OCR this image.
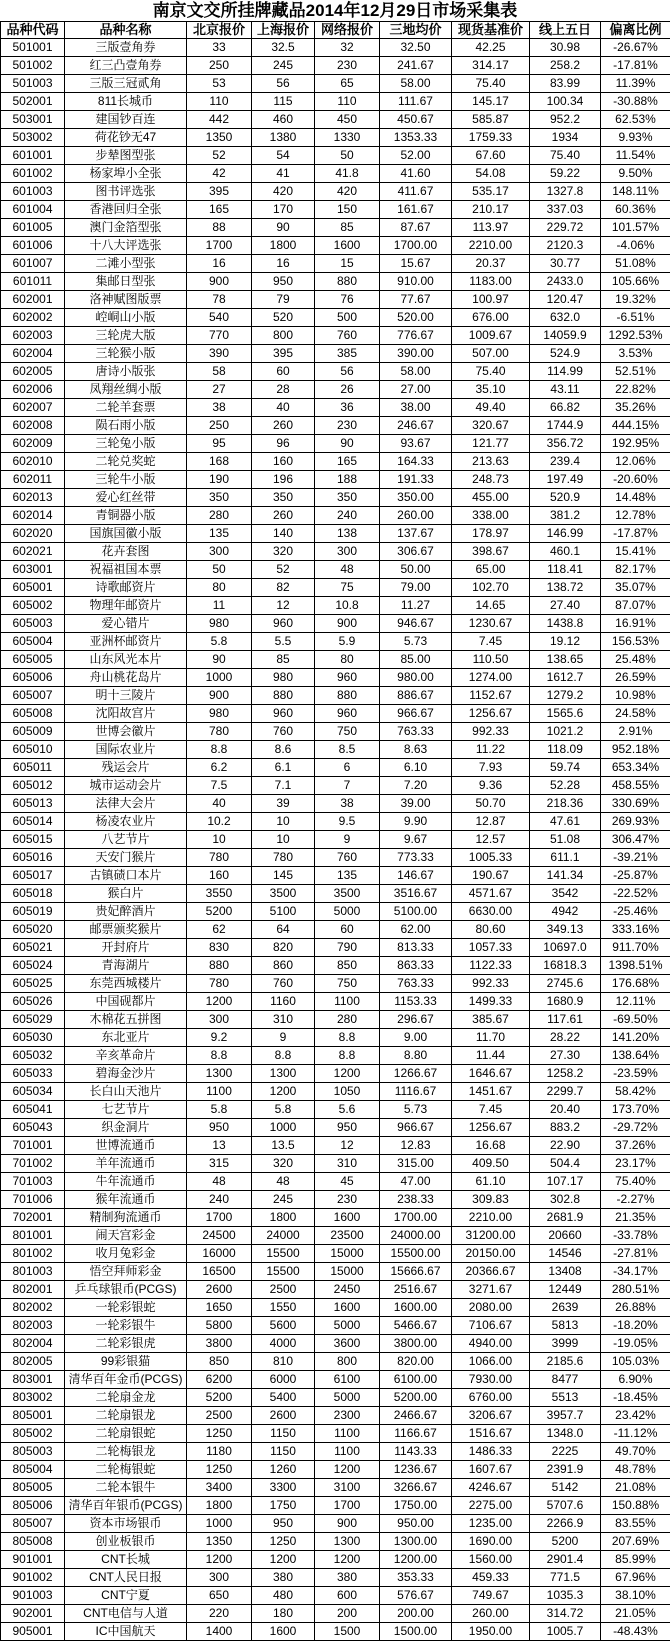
南京文交所挂牌藏品2014年12月29日市场采集表
品种代码	品种名称	北京报价	上海报价	网络报价	三地均价	现货基准价	线上五日	偏离比例
501001	三版壹角券	33	32.5	32	32.50	42.25	30.98	-26.67%
501002	红三凸壹角券	250	245	230	241.67	314.17	258.2	-17.81%
501003	三版三冠贰角	53	56	65	58.00	75.40	83.99	11.39%
502001	811长城币	110	115	110	111.67	145.17	100.34	-30.88%
503001	建国钞百连	442	460	450	450.67	585.87	952.2	62.53%
503002	荷花钞无47	1350	1380	1330	1353.33	1759.33	1934	9.93%
601001	步辇图型张	52	54	50	52.00	67.60	75.40	11.54%
601002	杨家埠小全张	42	41	41.8	41.60	54.08	59.22	9.50%
601003	图书评选张	395	420	420	411.67	535.17	1327.8	148.11%
601004	香港回归全张	165	170	150	161.67	210.17	337.03	60.36%
601005	澳门金箔型张	88	90	85	87.67	113.97	229.72	101.57%
601006	十八大评选张	1700	1800	1600	1700.00	2210.00	2120.3	-4.06%
601007	二滩小型张	16	16	15	15.67	20.37	30.77	51.08%
601011	集邮日型张	900	950	880	910.00	1183.00	2433.0	105.66%
602001	洛神赋图版票	78	79	76	77.67	100.97	120.47	19.32%
602002	崆峒山小版	540	520	500	520.00	676.00	632.0	-6.51%
602003	三轮虎大版	770	800	760	776.67	1009.67	14059.9	1292.53%
602004	三轮猴小版	390	395	385	390.00	507.00	524.9	3.53%
602005	唐诗小版张	58	60	56	58.00	75.40	114.99	52.51%
602006	凤翔丝绸小版	27	28	26	27.00	35.10	43.11	22.82%
602007	二轮羊套票	38	40	36	38.00	49.40	66.82	35.26%
602008	陨石雨小版	250	260	230	246.67	320.67	1744.9	444.15%
602009	三轮兔小版	95	96	90	93.67	121.77	356.72	192.95%
602010	二轮兑奖蛇	168	160	165	164.33	213.63	239.4	12.06%
602011	三轮牛小版	190	196	188	191.33	248.73	197.49	-20.60%
602013	爱心红丝带	350	350	350	350.00	455.00	520.9	14.48%
602014	青铜器小版	280	260	240	260.00	338.00	381.2	12.78%
602020	国旗国徽小版	135	140	138	137.67	178.97	146.99	-17.87%
602021	花卉套图	300	320	300	306.67	398.67	460.1	15.41%
603001	祝福祖国本票	50	52	48	50.00	65.00	118.41	82.17%
605001	诗歌邮资片	80	82	75	79.00	102.70	138.72	35.07%
605002	物理年邮资片	11	12	10.8	11.27	14.65	27.40	87.07%
605003	爱心错片	980	960	900	946.67	1230.67	1438.8	16.91%
605004	亚洲杯邮资片	5.8	5.5	5.9	5.73	7.45	19.12	156.53%
605005	山东风光本片	90	85	80	85.00	110.50	138.65	25.48%
605006	舟山桃花岛片	1000	980	960	980.00	1274.00	1612.7	26.59%
605007	明十三陵片	900	880	880	886.67	1152.67	1279.2	10.98%
605008	沈阳故宫片	980	960	960	966.67	1256.67	1565.6	24.58%
605009	世博会徽片	780	760	750	763.33	992.33	1021.2	2.91%
605010	国际农业片	8.8	8.6	8.5	8.63	11.22	118.09	952.18%
605011	残运会片	6.2	6.1	6	6.10	7.93	59.74	653.34%
605012	城市运动会片	7.5	7.1	7	7.20	9.36	52.28	458.55%
605013	法律大会片	40	39	38	39.00	50.70	218.36	330.69%
605014	杨凌农业片	10.2	10	9.5	9.90	12.87	47.61	269.93%
605015	八艺节片	10	10	9	9.67	12.57	51.08	306.47%
605016	天安门猴片	780	780	760	773.33	1005.33	611.1	-39.21%
605017	古镇碛口本片	160	145	135	146.67	190.67	141.34	-25.87%
605018	猴白片	3550	3500	3500	3516.67	4571.67	3542	-22.52%
605019	贵妃醉酒片	5200	5100	5000	5100.00	6630.00	4942	-25.46%
605020	邮票颁奖猴片	62	64	60	62.00	80.60	349.13	333.16%
605021	开封府片	830	820	790	813.33	1057.33	10697.0	911.70%
605024	青海湖片	880	860	850	863.33	1122.33	16818.3	1398.51%
605025	东莞西城楼片	780	760	750	763.33	992.33	2745.6	176.68%
605026	中国砚都片	1200	1160	1100	1153.33	1499.33	1680.9	12.11%
605029	木棉花五拼图	300	310	280	296.67	385.67	117.61	-69.50%
605030	东北亚片	9.2	9	8.8	9.00	11.70	28.22	141.20%
605032	辛亥革命片	8.8	8.8	8.8	8.80	11.44	27.30	138.64%
605033	碧海金沙片	1300	1300	1200	1266.67	1646.67	1258.2	-23.59%
605034	长白山天池片	1100	1200	1050	1116.67	1451.67	2299.7	58.42%
605041	七艺节片	5.8	5.8	5.6	5.73	7.45	20.40	173.70%
605043	织金洞片	950	1000	950	966.67	1256.67	883.2	-29.72%
701001	世博流通币	13	13.5	12	12.83	16.68	22.90	37.26%
701002	羊年流通币	315	320	310	315.00	409.50	504.4	23.17%
701003	牛年流通币	48	48	45	47.00	61.10	107.17	75.40%
701006	猴年流通币	240	245	230	238.33	309.83	302.8	-2.27%
702001	精制狗流通币	1700	1800	1600	1700.00	2210.00	2681.9	21.35%
801001	闹天宫彩金	24500	24000	23500	24000.00	31200.00	20660	-33.78%
801002	收月兔彩金	16000	15500	15000	15500.00	20150.00	14546	-27.81%
801003	悟空拜师彩金	16500	15500	15000	15666.67	20366.67	13408	-34.17%
802001	乒乓球银币(PCGS)	2600	2500	2450	2516.67	3271.67	12449	280.51%
802002	一轮彩银蛇	1650	1550	1600	1600.00	2080.00	2639	26.88%
802003	一轮彩银牛	5800	5600	5000	5466.67	7106.67	5813	-18.20%
802004	二轮彩银虎	3800	4000	3600	3800.00	4940.00	3999	-19.05%
802005	99彩银猫	850	810	800	820.00	1066.00	2185.6	105.03%
803001	清华百年金币(PCGS)	6200	6000	6100	6100.00	7930.00	8477	6.90%
803002	二轮扇金龙	5200	5400	5000	5200.00	6760.00	5513	-18.45%
805001	二轮扇银龙	2500	2600	2300	2466.67	3206.67	3957.7	23.42%
805002	二轮扇银蛇	1250	1150	1100	1166.67	1516.67	1348.0	-11.12%
805003	二轮梅银龙	1180	1150	1100	1143.33	1486.33	2225	49.70%
805004	二轮梅银蛇	1250	1260	1200	1236.67	1607.67	2391.9	48.78%
805005	二轮本银牛	3400	3300	3100	3266.67	4246.67	5142	21.08%
805006	清华百年银币(PCGS)	1800	1750	1700	1750.00	2275.00	5707.6	150.88%
805007	资本市场银币	1000	950	900	950.00	1235.00	2266.9	83.55%
805008	创业板银币	1350	1250	1300	1300.00	1690.00	5200	207.69%
901001	CNT长城	1200	1200	1200	1200.00	1560.00	2901.4	85.99%
901002	CNT人民日报	300	380	380	353.33	459.33	771.5	67.96%
901003	CNT宁夏	650	480	600	576.67	749.67	1035.3	38.10%
902001	CNT电信与人道	220	180	200	200.00	260.00	314.72	21.05%
905001	IC中国航天	1400	1600	1500	1500.00	1950.00	1005.7	-48.43%
